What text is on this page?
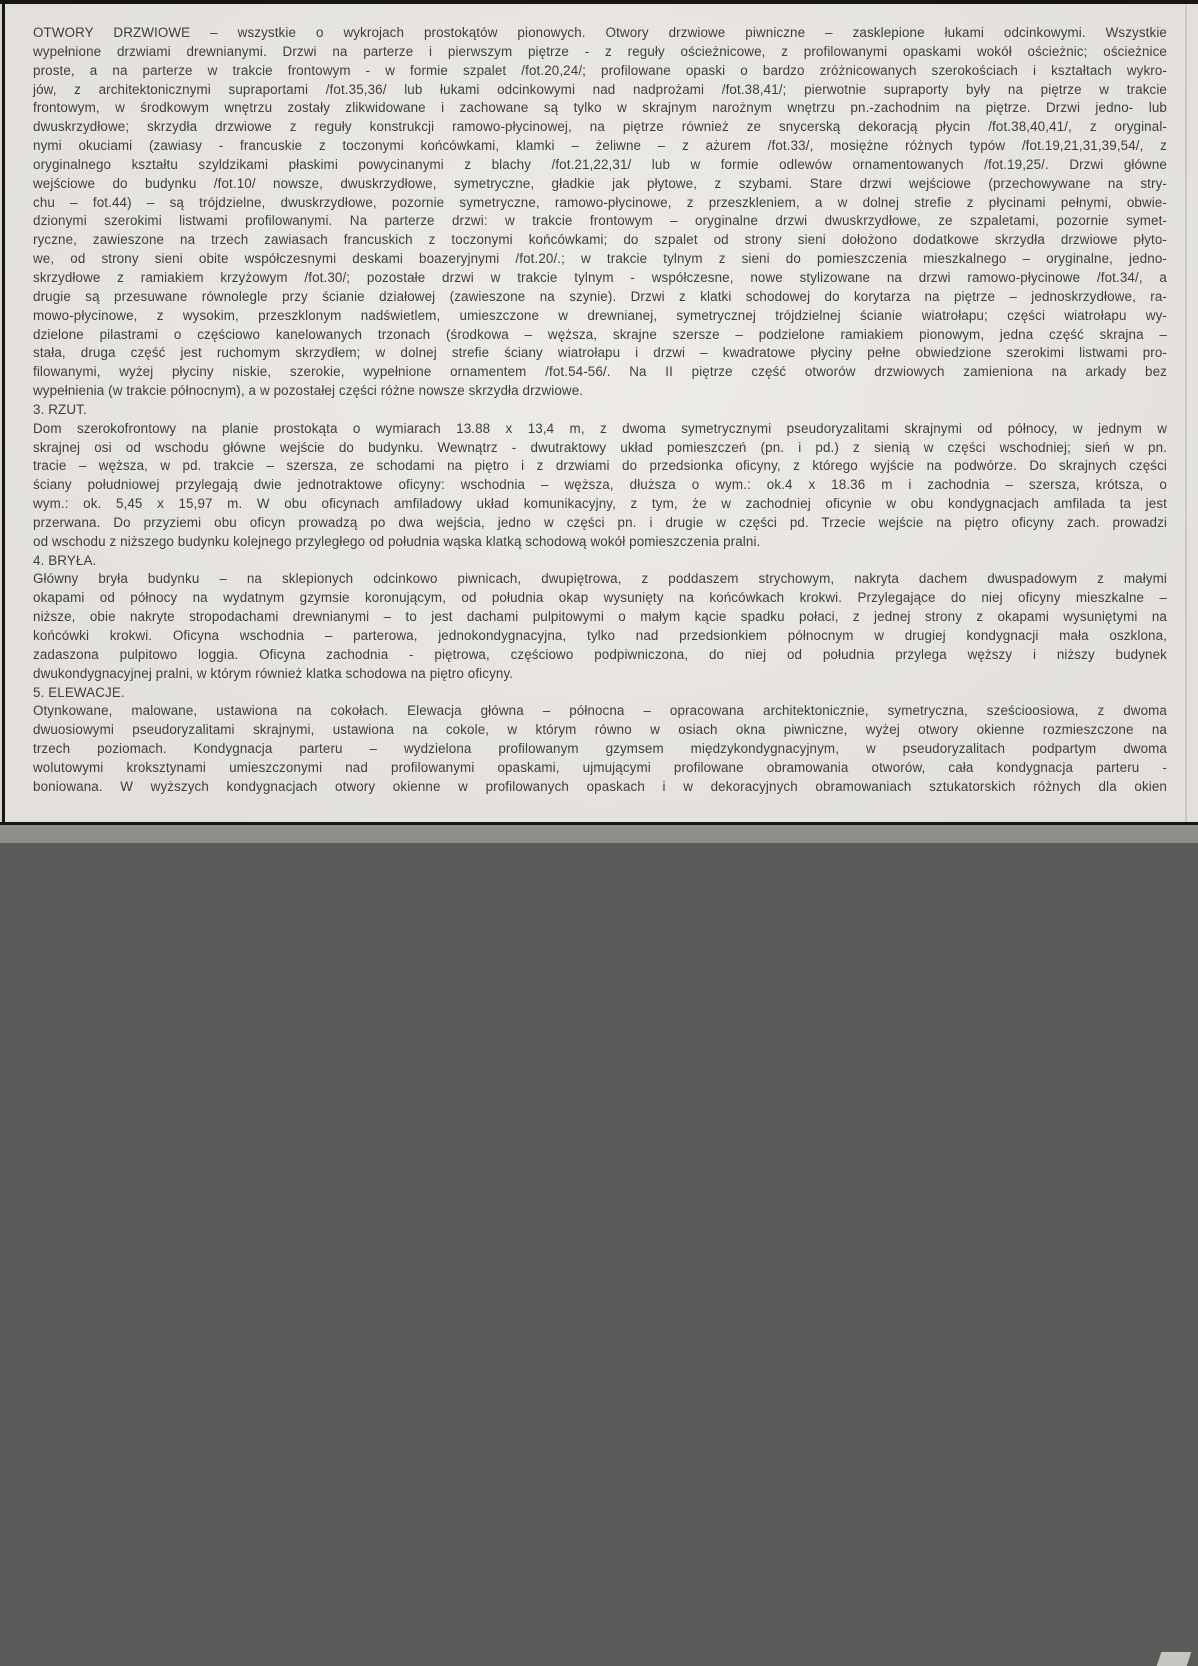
OTWORY DRZWIOWE – wszystkie o wykrojach prostokątów pionowych. Otwory drzwiowe piwniczne – zasklepione łukami odcinkowymi. Wszystkie
wypełnione drzwiami drewnianymi. Drzwi na parterze i pierwszym piętrze - z reguły ościeżnicowe, z profilowanymi opaskami wokół ościeżnic; ościeżnice
proste, a na parterze w trakcie frontowym - w formie szpalet /fot.20,24/; profilowane opaski o bardzo zróżnicowanych szerokościach i kształtach wykro-
jów, z architektonicznymi supraportami /fot.35,36/ lub łukami odcinkowymi nad nadprożami /fot.38,41/; pierwotnie supraporty były na piętrze w trakcie
frontowym, w środkowym wnętrzu zostały zlikwidowane i zachowane są tylko w skrajnym narożnym wnętrzu pn.-zachodnim na piętrze. Drzwi jedno- lub
dwuskrzydłowe; skrzydła drzwiowe z reguły konstrukcji ramowo-płycinowej, na piętrze również ze snycerską dekoracją płycin /fot.38,40,41/, z oryginal-
nymi okuciami (zawiasy - francuskie z toczonymi końcówkami, klamki – żeliwne – z ażurem /fot.33/, mosiężne różnych typów /fot.19,21,31,39,54/, z
oryginalnego kształtu szyldzikami płaskimi powycinanymi z blachy /fot.21,22,31/ lub w formie odlewów ornamentowanych /fot.19,25/. Drzwi główne
wejściowe do budynku /fot.10/ nowsze, dwuskrzydłowe, symetryczne, gładkie jak płytowe, z szybami. Stare drzwi wejściowe (przechowywane na stry-
chu – fot.44) – są trójdzielne, dwuskrzydłowe, pozornie symetryczne, ramowo-płycinowe, z przeszkleniem, a w dolnej strefie z płycinami pełnymi, obwie-
dzionymi szerokimi listwami profilowanymi. Na parterze drzwi: w trakcie frontowym – oryginalne drzwi dwuskrzydłowe, ze szpaletami, pozornie symet-
ryczne, zawieszone na trzech zawiasach francuskich z toczonymi końcówkami; do szpalet od strony sieni dołożono dodatkowe skrzydła drzwiowe płyto-
we, od strony sieni obite współczesnymi deskami boazeryjnymi /fot.20/.; w trakcie tylnym z sieni do pomieszczenia mieszkalnego – oryginalne, jedno-
skrzydłowe z ramiakiem krzyżowym /fot.30/; pozostałe drzwi w trakcie tylnym - współczesne, nowe stylizowane na drzwi ramowo-płycinowe /fot.34/, a
drugie są przesuwane równolegle przy ścianie działowej (zawieszone na szynie). Drzwi z klatki schodowej do korytarza na piętrze – jednoskrzydłowe, ra-
mowo-płycinowe, z wysokim, przeszklonym nadświetlem, umieszczone w drewnianej, symetrycznej trójdzielnej ścianie wiatrołapu; części wiatrołapu wy-
dzielone pilastrami o częściowo kanelowanych trzonach (środkowa – węższa, skrajne szersze – podzielone ramiakiem pionowym, jedna część skrajna –
stała, druga część jest ruchomym skrzydłem; w dolnej strefie ściany wiatrołapu i drzwi – kwadratowe płyciny pełne obwiedzione szerokimi listwami pro-
filowanymi, wyżej płyciny niskie, szerokie, wypełnione ornamentem /fot.54-56/. Na II piętrze część otworów drzwiowych zamieniona na arkady bez
wypełnienia (w trakcie północnym), a w pozostałej części różne nowsze skrzydła drzwiowe.
3. RZUT.
Dom szerokofrontowy na planie prostokąta o wymiarach 13.88 x 13,4 m, z dwoma symetrycznymi pseudoryzalitami skrajnymi od północy, w jednym w
skrajnej osi od wschodu główne wejście do budynku. Wewnątrz - dwutraktowy układ pomieszczeń (pn. i pd.) z sienią w części wschodniej; sień w pn.
tracie – węższa, w pd. trakcie – szersza, ze schodami na piętro i z drzwiami do przedsionka oficyny, z którego wyjście na podwórze. Do skrajnych części
ściany południowej przylegają dwie jednotraktowe oficyny: wschodnia – węższa, dłuższa o wym.: ok.4 x 18.36 m i zachodnia – szersza, krótsza, o
wym.: ok. 5,45 x 15,97 m. W obu oficynach amfiladowy układ komunikacyjny, z tym, że w zachodniej oficynie w obu kondygnacjach amfilada ta jest
przerwana. Do przyziemi obu oficyn prowadzą po dwa wejścia, jedno w części pn. i drugie w części pd. Trzecie wejście na piętro oficyny zach. prowadzi
od wschodu z niższego budynku kolejnego przyległego od południa wąska klatką schodową wokół pomieszczenia pralni.
4. BRYŁA.
Główny bryła budynku – na sklepionych odcinkowo piwnicach, dwupiętrowa, z poddaszem strychowym, nakryta dachem dwuspadowym z małymi
okapami od północy na wydatnym gzymsie koronującym, od południa okap wysunięty na końcówkach krokwi. Przylegające do niej oficyny mieszkalne –
niższe, obie nakryte stropodachami drewnianymi – to jest dachami pulpitowymi o małym kącie spadku połaci, z jednej strony z okapami wysuniętymi na
końcówki krokwi. Oficyna wschodnia – parterowa, jednokondygnacyjna, tylko nad przedsionkiem północnym w drugiej kondygnacji mała oszklona,
zadaszona pulpitowo loggia. Oficyna zachodnia - piętrowa, częściowo podpiwniczona, do niej od południa przylega węższy i niższy budynek
dwukondygnacyjnej pralni, w którym również klatka schodowa na piętro oficyny.
5. ELEWACJE.
Otynkowane, malowane, ustawiona na cokołach. Elewacja główna – północna – opracowana architektonicznie, symetryczna, sześcioosiowa, z dwoma
dwuosiowymi pseudoryzalitami skrajnymi, ustawiona na cokole, w którym równo w osiach okna piwniczne, wyżej otwory okienne rozmieszczone na
trzech poziomach. Kondygnacja parteru – wydzielona profilowanym gzymsem międzykondygnacyjnym, w pseudoryzalitach podpartym dwoma
wolutowymi kroksztynami umieszczonymi nad profilowanymi opaskami, ujmującymi profilowane obramowania otworów, cała kondygnacja parteru -
boniowana. W wyższych kondygnacjach otwory okienne w profilowanych opaskach i w dekoracyjnych obramowaniach sztukatorskich różnych dla okien
